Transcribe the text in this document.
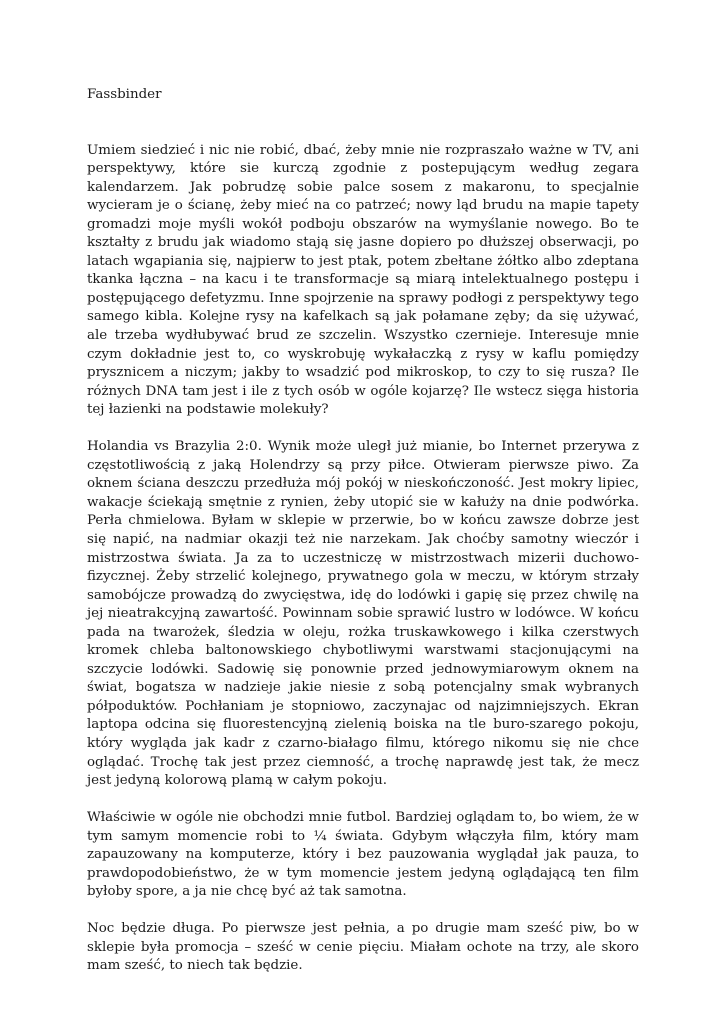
Fassbinder

Umiem siedzieć i nic nie robić, dbać, żeby mnie nie rozpraszało ważne w TV, ani perspektywy, które sie kurczą zgodnie z postepującym według zegara kalendarzem. Jak pobrudzę sobie palce sosem z makaronu, to specjalnie wycieram je o ścianę, żeby mieć na co patrzeć; nowy ląd brudu na mapie tapety gromadzi moje myśli wokół podboju obszarów na wymyślanie nowego. Bo te kształty z brudu jak wiadomo stają się jasne dopiero po dłuższej obserwacji, po latach wgapiania się, najpierw to jest ptak, potem zbełtane żółtko albo zdeptana tkanka łączna – na kacu i te transformacje są miarą intelektualnego postępu i postępującego defetyzmu. Inne spojrzenie na sprawy podłogi z perspektywy tego samego kibla. Kolejne rysy na kafelkach są jak połamane zęby; da się używać, ale trzeba wydłubywać brud ze szczelin. Wszystko czernieje. Interesuje mnie czym dokładnie jest to, co wyskrobuję wykałaczką z rysy w kaflu pomiędzy prysznicem a niczym; jakby to wsadzić pod mikroskop, to czy to się rusza? Ile różnych DNA tam jest i ile z tych osób w ogóle kojarzę? Ile wstecz sięga historia tej łazienki na podstawie molekuły?

Holandia vs Brazylia 2:0. Wynik może uległ już mianie, bo Internet przerywa z częstotliwością z jaką Holendrzy są przy piłce. Otwieram pierwsze piwo. Za oknem ściana deszczu przedłuża mój pokój w nieskończoność. Jest mokry lipiec, wakacje ściekają smętnie z rynien, żeby utopić sie w kałuży na dnie podwórka. Perła chmielowa. Byłam w sklepie w przerwie, bo w końcu zawsze dobrze jest się napić, na nadmiar okazji też nie narzekam. Jak choćby samotny wieczór i mistrzostwa świata. Ja za to uczestniczę w mistrzostwach mizerii duchowo-fizycznej. Żeby strzelić kolejnego, prywatnego gola w meczu, w którym strzały samobójcze prowadzą do zwycięstwa, idę do lodówki i gapię się przez chwilę na jej nieatrakcyjną zawartość. Powinnam sobie sprawić lustro w lodówce. W końcu pada na twarożek, śledzia w oleju, rożka truskawkowego i kilka czerstwych kromek chleba baltonowskiego chybotliwymi warstwami stacjonującymi na szczycie lodówki. Sadowię się ponownie przed jednowymiarowym oknem na świat, bogatsza w nadzieje jakie niesie z sobą potencjalny smak wybranych półpoduktów. Pochłaniam je stopniowo, zaczynajac od najzimniejszych. Ekran laptopa odcina się fluorestencyjną zielenią boiska na tle buro-szarego pokoju, który wygląda jak kadr z czarno-białago filmu, którego nikomu się nie chce oglądać. Trochę tak jest przez ciemność, a trochę naprawdę jest tak, że mecz jest jedyną kolorową plamą w całym pokoju.

Właściwie w ogóle nie obchodzi mnie futbol. Bardziej oglądam to, bo wiem, że w tym samym momencie robi to ¼ świata. Gdybym włączyła film, który mam zapauzowany na komputerze, który i bez pauzowania wyglądał jak pauza, to prawdopodobieństwo, że w tym momencie jestem jedyną oglądającą ten film byłoby spore, a ja nie chcę być aż tak samotna.

Noc będzie długa. Po pierwsze jest pełnia, a po drugie mam sześć piw, bo w sklepie była promocja – sześć w cenie pięciu. Miałam ochote na trzy, ale skoro mam sześć, to niech tak będzie.
